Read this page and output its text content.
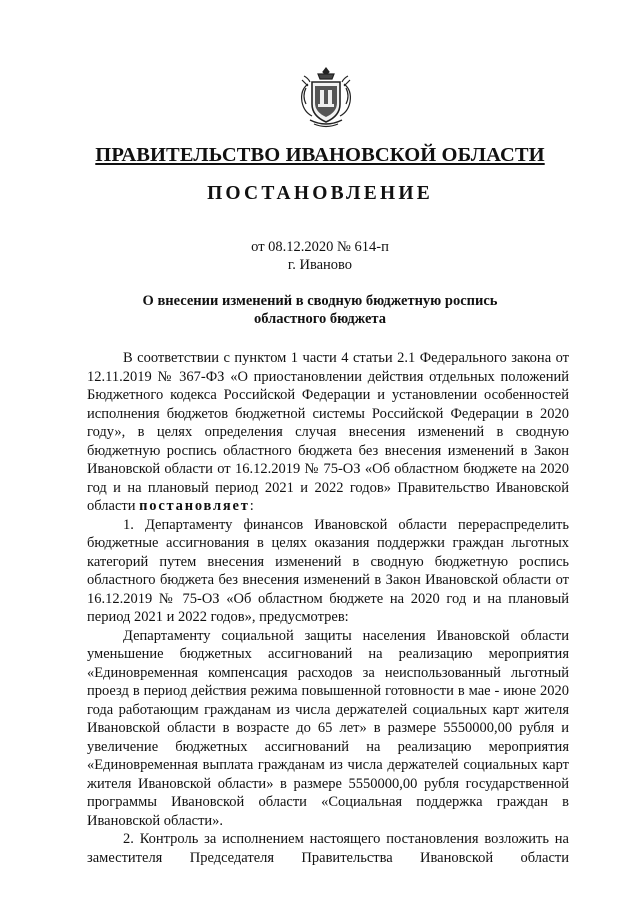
ПРАВИТЕЛЬСТВО ИВАНОВСКОЙ ОБЛАСТИ
ПОСТАНОВЛЕНИЕ
от 08.12.2020 № 614-п
г. Иваново
О внесении изменений в сводную бюджетную роспись
областного бюджета

В соответствии с пунктом 1 части 4 статьи 2.1 Федерального закона от 12.11.2019 № 367-ФЗ «О приостановлении действия отдельных положений Бюджетного кодекса Российской Федерации и установлении особенностей исполнения бюджетов бюджетной системы Российской Федерации в 2020 году», в целях определения случая внесения изменений в сводную бюджетную роспись областного бюджета без внесения изменений в Закон Ивановской области от 16.12.2019 № 75-ОЗ «Об областном бюджете на 2020 год и на плановый период 2021 и 2022 годов» Правительство Ивановской области постановляет:

1. Департаменту финансов Ивановской области перераспределить бюджетные ассигнования в целях оказания поддержки граждан льготных категорий путем внесения изменений в сводную бюджетную роспись областного бюджета без внесения изменений в Закон Ивановской области от 16.12.2019 № 75-ОЗ «Об областном бюджете на 2020 год и на плановый период 2021 и 2022 годов», предусмотрев:

Департаменту социальной защиты населения Ивановской области уменьшение бюджетных ассигнований на реализацию мероприятия «Единовременная компенсация расходов за неиспользованный льготный проезд в период действия режима повышенной готовности в мае - июне 2020 года работающим гражданам из числа держателей социальных карт жителя Ивановской области в возрасте до 65 лет» в размере 5550000,00 рубля и увеличение бюджетных ассигнований на реализацию мероприятия «Единовременная выплата гражданам из числа держателей социальных карт жителя Ивановской области» в размере 5550000,00 рубля государственной программы Ивановской области «Социальная поддержка граждан в Ивановской области».

2. Контроль за исполнением настоящего постановления возложить на заместителя Председателя Правительства Ивановской области
